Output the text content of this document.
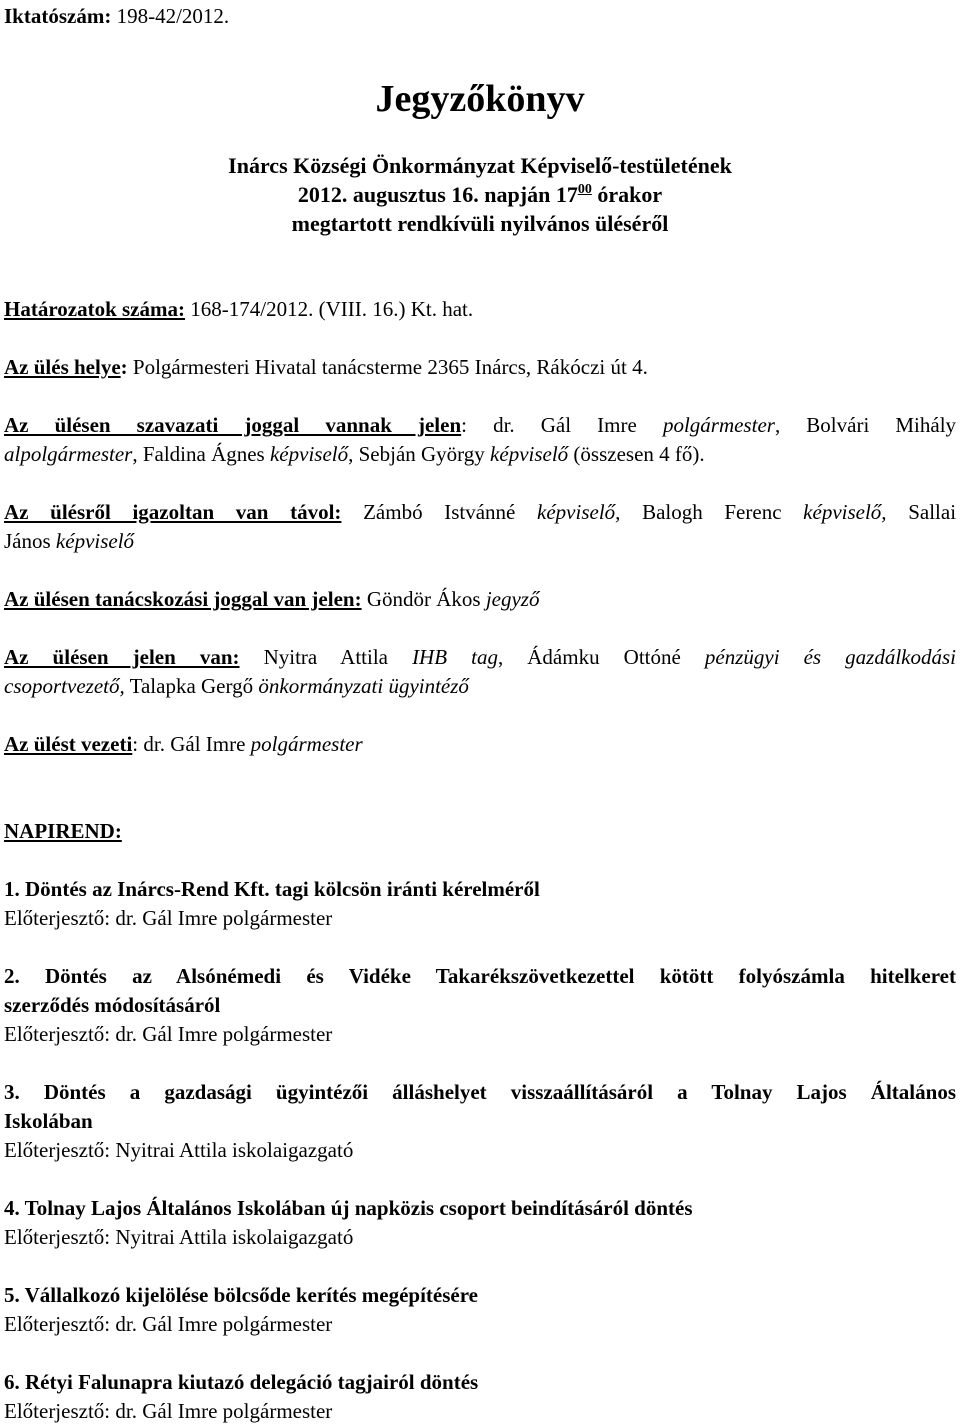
Iktatószám: 198-42/2012.
Jegyzőkönyv
Inárcs Községi Önkormányzat Képviselő-testületének
2012. augusztus 16. napján $17^{00}$ órakor
megtartott rendkívüli nyilvános üléséről
Határozatok száma: 168-174/2012. (VIII. 16.) Kt. hat.
Az ülés helye: Polgármesteri Hivatal tanácsterme 2365 Inárcs, Rákóczi út 4.
Az ülésen szavazati joggal vannak jelen: dr. Gál Imre polgármester, Bolvári Mihály
alpolgármester, Faldina Ágnes képviselő, Sebján György képviselő (összesen 4 fő).
Az ülésről igazoltan van távol: Zámbó Istvánné képviselő, Balogh Ferenc képviselő, Sallai
János képviselő
Az ülésen tanácskozási joggal van jelen: Göndör Ákos jegyző
Az ülésen jelen van: Nyitra Attila IHB tag, Ádámku Ottóné pénzügyi és gazdálkodási
csoportvezető, Talapka Gergő önkormányzati ügyintéző
Az ülést vezeti: dr. Gál Imre polgármester
NAPIREND:
1. Döntés az Inárcs-Rend Kft. tagi kölcsön iránti kérelméről
Előterjesztő: dr. Gál Imre polgármester
2. Döntés az Alsónémedi és Vidéke Takarékszövetkezettel kötött folyószámla hitelkeret
szerződés módosításáról
Előterjesztő: dr. Gál Imre polgármester
3. Döntés a gazdasági ügyintézői álláshelyet visszaállításáról a Tolnay Lajos Általános
Iskolában
Előterjesztő: Nyitrai Attila iskolaigazgató
4. Tolnay Lajos Általános Iskolában új napközis csoport beindításáról döntés
Előterjesztő: Nyitrai Attila iskolaigazgató
5. Vállalkozó kijelölése bölcsőde kerítés megépítésére
Előterjesztő: dr. Gál Imre polgármester
6. Rétyi Falunapra kiutazó delegáció tagjairól döntés
Előterjesztő: dr. Gál Imre polgármester
